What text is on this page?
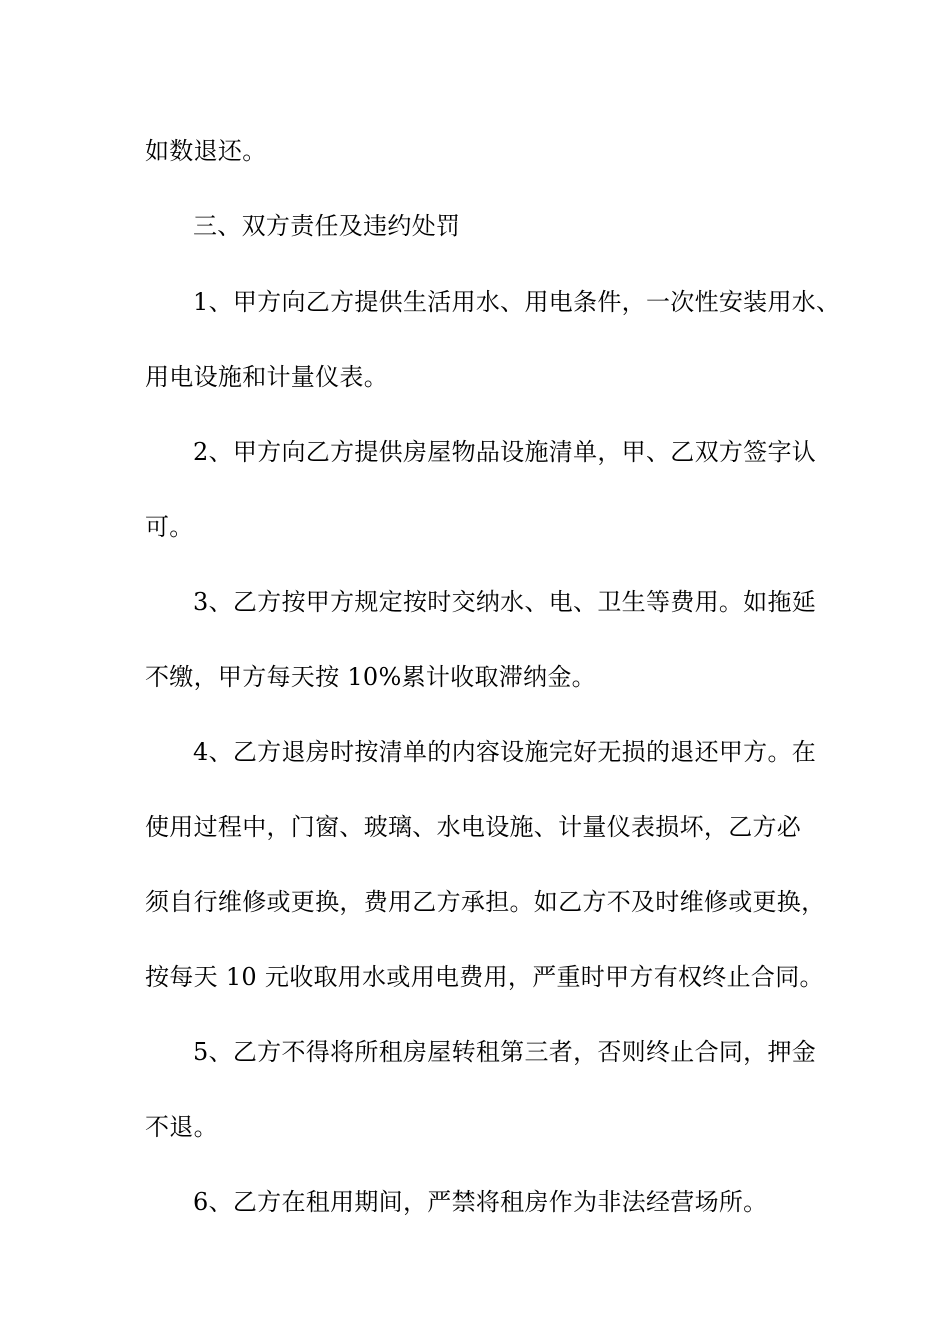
如数退还。
三、双方责任及违约处罚
1、甲方向乙方提供生活用水、用电条件，一次性安装用水、
用电设施和计量仪表。
2、甲方向乙方提供房屋物品设施清单，甲、乙双方签字认
可。
3、乙方按甲方规定按时交纳水、电、卫生等费用。如拖延
不缴，甲方每天按 10%累计收取滞纳金。
4、乙方退房时按清单的内容设施完好无损的退还甲方。在
使用过程中，门窗、玻璃、水电设施、计量仪表损坏，乙方必
须自行维修或更换，费用乙方承担。如乙方不及时维修或更换，
按每天 10 元收取用水或用电费用，严重时甲方有权终止合同。
5、乙方不得将所租房屋转租第三者，否则终止合同，押金
不退。
6、乙方在租用期间，严禁将租房作为非法经营场所。
